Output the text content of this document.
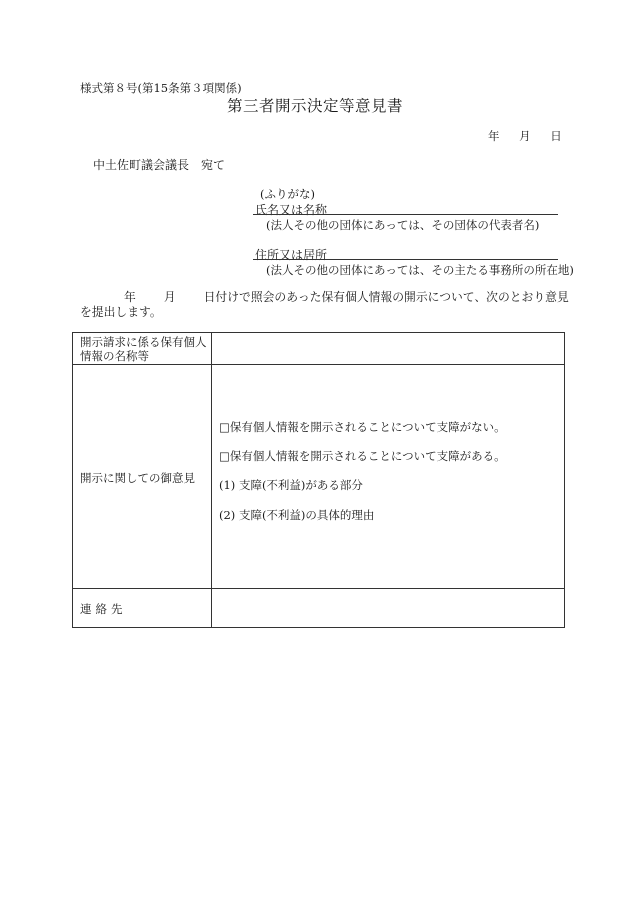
様式第８号(第15条第３項関係)
第三者開示決定等意見書
年 月 日
中土佐町議会議長　宛て
(ふりがな)
氏名又は名称
(法人その他の団体にあっては、その団体の代表者名)
住所又は居所
(法人その他の団体にあっては、その主たる事務所の所在地)
年 月 日付けで照会のあった保有個人情報の開示について、次のとおり意見を提出します。
開示請求に係る保有個人情報の名称等
開示に関しての御意見
連絡先
□保有個人情報を開示されることについて支障がない。
□保有個人情報を開示されることについて支障がある。
(1) 支障(不利益)がある部分
(2) 支障(不利益)の具体的理由
